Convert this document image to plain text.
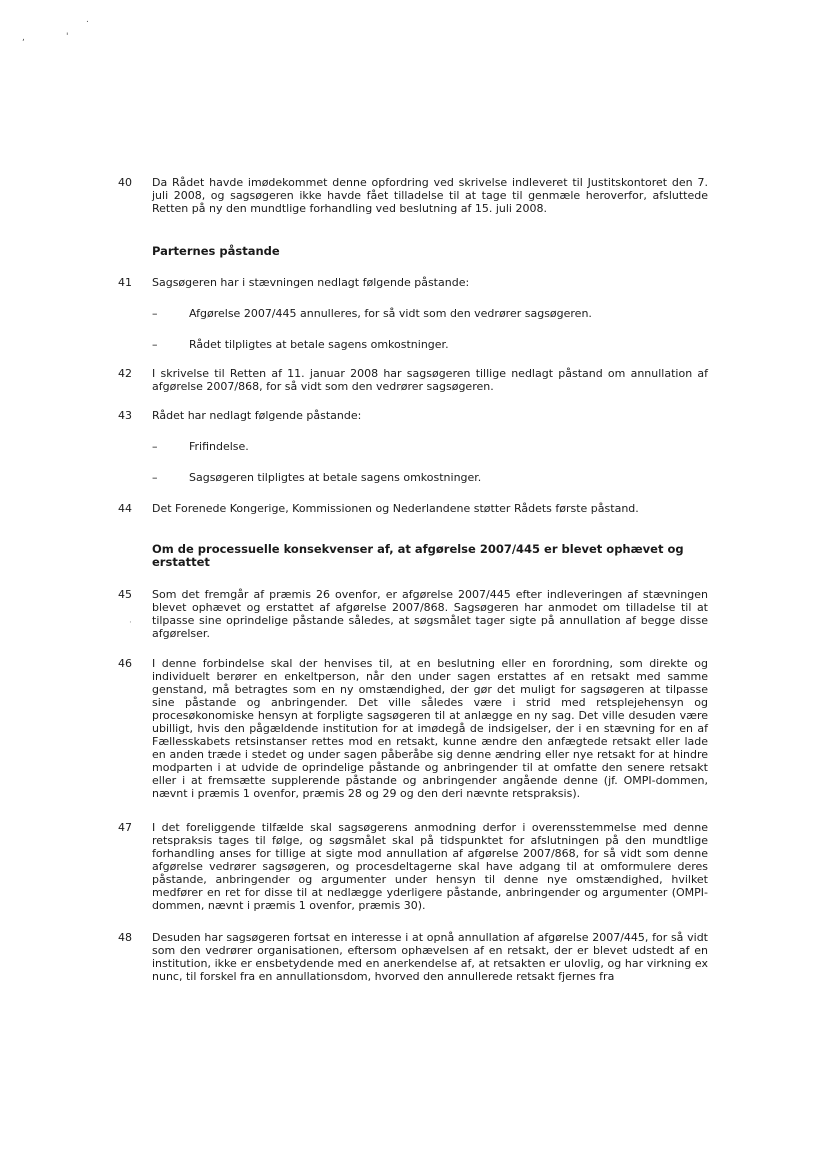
.
,	'
40 Da Rådet havde imødekommet denne opfordring ved skrivelse indleveret til Justitskontoret den 7. juli 2008, og sagsøgeren ikke havde fået tilladelse til at tage til genmæle heroverfor, afsluttede Retten på ny den mundtlige forhandling ved beslutning af 15. juli 2008.
Parternes påstande
41 Sagsøgeren har i stævningen nedlagt følgende påstande:
–	Afgørelse 2007/445 annulleres, for så vidt som den vedrører sagsøgeren.
–	Rådet tilpligtes at betale sagens omkostninger.
42 I skrivelse til Retten af 11. januar 2008 har sagsøgeren tillige nedlagt påstand om annullation af afgørelse 2007/868, for så vidt som den vedrører sagsøgeren.
43 Rådet har nedlagt følgende påstande:
–	Frifindelse.
–	Sagsøgeren tilpligtes at betale sagens omkostninger.
44 Det Forenede Kongerige, Kommissionen og Nederlandene støtter Rådets første påstand.
Om de processuelle konsekvenser af, at afgørelse 2007/445 er blevet ophævet og erstattet
45 Som det fremgår af præmis 26 ovenfor, er afgørelse 2007/445 efter indleveringen af stævningen blevet ophævet og erstattet af afgørelse 2007/868. Sagsøgeren har anmodet om tilladelse til at tilpasse sine oprindelige påstande således, at søgsmålet tager sigte på annullation af begge disse afgørelser.
·
46 I denne forbindelse skal der henvises til, at en beslutning eller en forordning, som direkte og individuelt berører en enkeltperson, når den under sagen erstattes af en retsakt med samme genstand, må betragtes som en ny omstændighed, der gør det muligt for sagsøgeren at tilpasse sine påstande og anbringender. Det ville således være i strid med retsplejehensyn og procesøkonomiske hensyn at forpligte sagsøgeren til at anlægge en ny sag. Det ville desuden være ubilligt, hvis den pågældende institution for at imødegå de indsigelser, der i en stævning for en af Fællesskabets retsinstanser rettes mod en retsakt, kunne ændre den anfægtede retsakt eller lade en anden træde i stedet og under sagen påberåbe sig denne ændring eller nye retsakt for at hindre modparten i at udvide de oprindelige påstande og anbringender til at omfatte den senere retsakt eller i at fremsætte supplerende påstande og anbringender angående denne (jf. OMPI-dommen, nævnt i præmis 1 ovenfor, præmis 28 og 29 og den deri nævnte retspraksis).
47 I det foreliggende tilfælde skal sagsøgerens anmodning derfor i overensstemmelse med denne retspraksis tages til følge, og søgsmålet skal på tidspunktet for afslutningen på den mundtlige forhandling anses for tillige at sigte mod annullation af afgørelse 2007/868, for så vidt som denne afgørelse vedrører sagsøgeren, og procesdeltagerne skal have adgang til at omformulere deres påstande, anbringender og argumenter under hensyn til denne nye omstændighed, hvilket medfører en ret for disse til at nedlægge yderligere påstande, anbringender og argumenter (OMPI-dommen, nævnt i præmis 1 ovenfor, præmis 30).
48 Desuden har sagsøgeren fortsat en interesse i at opnå annullation af afgørelse 2007/445, for så vidt som den vedrører organisationen, eftersom ophævelsen af en retsakt, der er blevet udstedt af en institution, ikke er ensbetydende med en anerkendelse af, at retsakten er ulovlig, og har virkning ex nunc, til forskel fra en annullationsdom, hvorved den annullerede retsakt fjernes fra
